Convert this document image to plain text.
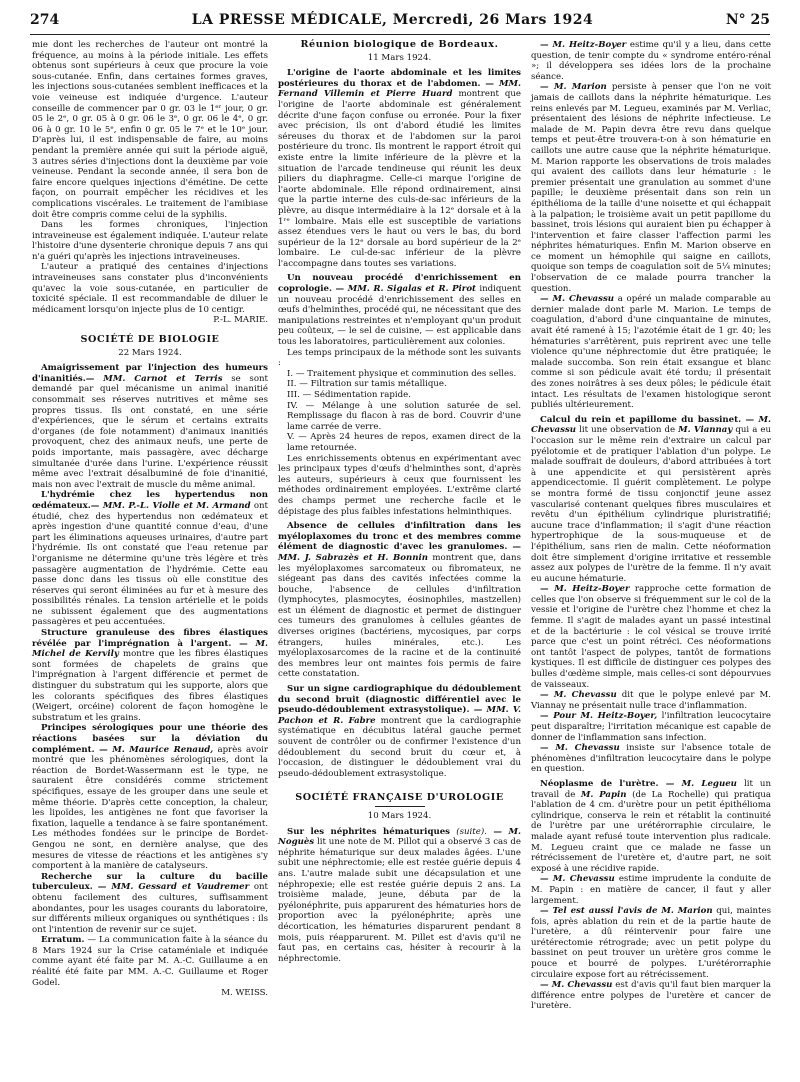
274	LA PRESSE MÉDICALE, Mercredi, 26 Mars 1924	N° 25

mie dont les recherches de l'auteur ont montré la fréquence, au moins à la période initiale. Les effets obtenus sont supérieurs à ceux que procure la voie sous-cutanée. Enfin, dans certaines formes graves, les injections sous-cutanées semblent inefficaces et la voie veineuse est indiquée d'urgence. L'auteur conseille de commencer par 0 gr. 03 le 1ᵉʳ jour, 0 gr. 05 le 2ᵉ, 0 gr. 05 à 0 gr. 06 le 3ᵉ, 0 gr. 06 le 4ᵉ, 0 gr. 06 à 0 gr. 10 le 5ᵉ, enfin 0 gr. 05 le 7ᵉ et le 10ᵉ jour. D'après lui, il est indispensable de faire, au moins pendant la première année qui suit la période aiguë, 3 autres séries d'injections dont la deuxième par voie veineuse. Pendant la seconde année, il sera bon de faire encore quelques injections d'émétine. De cette façon, on pourrait empêcher les récidives et les complications viscérales. Le traitement de l'amibiase doit être compris comme celui de la syphilis.

Dans les formes chroniques, l'injection intraveineuse est également indiquée. L'auteur relate l'histoire d'une dysenterie chronique depuis 7 ans qui n'a guéri qu'après les injections intraveineuses.

L'auteur a pratiqué des centaines d'injections intraveineuses sans constater plus d'inconvénients qu'avec la voie sous-cutanée, en particulier de toxicité spéciale. Il est recommandable de diluer le médicament lorsqu'on injecte plus de 10 centigr.

P.-L. MARIE.

SOCIÉTÉ DE BIOLOGIE
22 Mars 1924.

Amaigrissement par l'injection des humeurs d'inanitiés.— MM. Carnot et Terris se sont demandé par quel mécanisme un animal inanitié consommait ses réserves nutritives et même ses propres tissus. Ils ont constaté, en une série d'expériences, que le sérum et certains extraits d'organes (de foie notamment) d'animaux inanitiés provoquent, chez des animaux neufs, une perte de poids importante, mais passagère, avec décharge simultanée d'urée dans l'urine. L'expérience réussit même avec l'extrait désalbuminé de foie d'inanitié, mais non avec l'extrait de muscle du même animal.

L'hydrémie chez les hypertendus non œdémateux.— MM. P.-L. Violle et M. Armand ont étudié, chez des hypertendus non œdémateux et après ingestion d'une quantité connue d'eau, d'une part les éliminations aqueuses urinaires, d'autre part l'hydrémie. Ils ont constaté que l'eau retenue par l'organisme ne détermine qu'une très légère et très passagère augmentation de l'hydrémie. Cette eau passe donc dans les tissus où elle constitue des réserves qui seront éliminées au fur et à mesure des possibilités rénales. La tension artérielle et le poids ne subissent également que des augmentations passagères et peu accentuées.

Structure granuleuse des fibres élastiques révélée par l'imprégnation à l'argent. — M. Michel de Kervily montre que les fibres élastiques sont formées de chapelets de grains que l'imprégnation à l'argent différencie et permet de distinguer du substratum qui les supporte, alors que les colorants spécifiques des fibres élastiques (Weigert, orcéine) colorent de façon homogène le substratum et les grains.

Principes sérologiques pour une théorie des réactions basées sur la déviation du complément. — M. Maurice Renaud, après avoir montré que les phénomènes sérologiques, dont la réaction de Bordet-Wassermann est le type, ne sauraient être considérés comme strictement spécifiques, essaye de les grouper dans une seule et même théorie. D'après cette conception, la chaleur, les lipoïdes, les antigènes ne font que favoriser la fixation, laquelle a tendance à se faire spontanément. Les méthodes fondées sur le principe de Bordet-Gengou ne sont, en dernière analyse, que des mesures de vitesse de réactions et les antigènes s'y comportent à la manière de catalyseurs.

Recherche sur la culture du bacille tuberculeux. — MM. Gessard et Vaudremer ont obtenu facilement des cultures, suffisamment abondantes, pour les usages courants du laboratoire, sur différents milieux organiques ou synthétiques : ils ont l'intention de revenir sur ce sujet.

Erratum. — La communication faite à la séance du 8 Mars 1924 sur la Crise cataméniale et indiquée comme ayant été faite par M. A.-C. Guillaume a en réalité été faite par MM. A.-C. Guillaume et Roger Godel.

M. WEISS.

Réunion biologique de Bordeaux.
11 Mars 1924.

L'origine de l'aorte abdominale et les limites postérieures du thorax et de l'abdomen. — MM. Fernand Villemin et Pierre Huard montrent que l'origine de l'aorte abdominale est généralement décrite d'une façon confuse ou erronée. Pour la fixer avec précision, ils ont d'abord étudié les limites séreuses du thorax et de l'abdomen sur la paroi postérieure du tronc. Ils montrent le rapport étroit qui existe entre la limite inférieure de la plèvre et la situation de l'arcade tendineuse qui réunit les deux piliers du diaphragme. Celle-ci marque l'origine de l'aorte abdominale. Elle répond ordinairement, ainsi que la partie interne des culs-de-sac inférieurs de la plèvre, au disque intermédiaire à la 12ᵉ dorsale et à la 1ʳᵉ lombaire. Mais elle est susceptible de variations assez étendues vers le haut ou vers le bas, du bord supérieur de la 12ᵉ dorsale au bord supérieur de la 2ᵉ lombaire. Le cul-de-sac inférieur de la plèvre l'accompagne dans toutes ses variations.

Un nouveau procédé d'enrichissement en coprologie. — MM. R. Sigalas et R. Pirot indiquent un nouveau procédé d'enrichissement des selles en œufs d'helminthes, procédé qui, ne nécessitant que des manipulations restreintes et n'employant qu'un produit peu coûteux, — le sel de cuisine, — est applicable dans tous les laboratoires, particulièrement aux colonies.

Les temps principaux de la méthode sont les suivants :

I. — Traitement physique et comminution des selles.

II. — Filtration sur tamis métallique.

III. — Sédimentation rapide.

IV. — Mélange à une solution saturée de sel. Remplissage du flacon à ras de bord. Couvrir d'une lame carrée de verre.

V. — Après 24 heures de repos, examen direct de la lame retournée.

Les enrichissements obtenus en expérimentant avec les principaux types d'œufs d'helminthes sont, d'après les auteurs, supérieurs à ceux que fournissent les méthodes ordinairement employées. L'extrême clarté des champs permet une recherche facile et le dépistage des plus faibles infestations helminthiques.

Absence de cellules d'infiltration dans les myéloplaxomes du tronc et des membres comme élément de diagnostic d'avec les granulomes. — MM. J. Sabrazès et H. Bonnin montrent que, dans les myéloplaxomes sarcomateux ou fibromateux, ne siégeant pas dans des cavités infectées comme la bouche, l'absence de cellules d'infiltration (lymphocytes, plasmocytes, éosinophiles, mastzellen) est un élément de diagnostic et permet de distinguer ces tumeurs des granulomes à cellules géantes de diverses origines (bactériens, mycosiques, par corps étrangers, huiles minérales, etc.). Les myéloplaxosarcomes de la racine et de la continuité des membres leur ont maintes fois permis de faire cette constatation.

Sur un signe cardiographique du dédoublement du second bruit (diagnostic différentiel avec le pseudo-dédoublement extrasystolique). — MM. V. Pachon et R. Fabre montrent que la cardiographie systématique en décubitus latéral gauche permet souvent de contrôler ou de confirmer l'existence d'un dédoublement du second bruit du cœur et, à l'occasion, de distinguer le dédoublement vrai du pseudo-dédoublement extrasystolique.

SOCIÉTÉ FRANÇAISE D'UROLOGIE
10 Mars 1924.

Sur les néphrites hématuriques (suite). — M. Noguès lit une note de M. Pillot qui a observé 3 cas de néphrite hématurique sur deux malades âgées. L'une subit une néphrectomie; elle est restée guérie depuis 4 ans. L'autre malade subit une décapsulation et une néphropexie; elle est restée guérie depuis 2 ans. La troisième malade, jeune, débuta par de la pyélonéphrite, puis apparurent des hématuries hors de proportion avec la pyélonéphrite; après une décortication, les hématuries disparurent pendant 8 mois, puis réapparurent. M. Pillet est d'avis qu'il ne faut pas, en certains cas, hésiter à recourir à la néphrectomie.

— M. Heitz-Boyer estime qu'il y a lieu, dans cette question, de tenir compte du « syndrome entéro-rénal »; il développera ses idées lors de la prochaine séance.

— M. Marion persiste à penser que l'on ne voit jamais de caillots dans la néphrite hématurique. Les reins enlevés par M. Legueu, examinés par M. Verliac, présentaient des lésions de néphrite infectieuse. Le malade de M. Papin devra être revu dans quelque temps et peut-être trouvera-t-on à son hématurie en caillots une autre cause que la néphrite hématurique. M. Marion rapporte les observations de trois malades qui avaient des caillots dans leur hématurie : le premier présentait une granulation au sommet d'une papille; le deuxième présentait dans son rein un épithélioma de la taille d'une noisette et qui échappait à la palpation; le troisième avait un petit papillome du bassinet, trois lésions qui auraient bien pu échapper à l'intervention et faire classer l'affection parmi les néphrites hématuriques. Enfin M. Marion observe en ce moment un hémophile qui saigne en caillots, quoique son temps de coagulation soit de 5¼ minutes; l'observation de ce malade pourra trancher la question.

— M. Chevassu a opéré un malade comparable au dernier malade dont parle M. Marion. Le temps de coagulation, d'abord d'une cinquantaine de minutes, avait été ramené à 15; l'azotémie était de 1 gr. 40; les hématuries s'arrêtèrent, puis reprirent avec une telle violence qu'une néphrectomie dut être pratiquée; le malade succomba. Son rein était exsangue et blanc comme si son pédicule avait été tordu; il présentait des zones noirâtres à ses deux pôles; le pédicule était intact. Les résultats de l'examen histologique seront publiés ultérieurement.

Calcul du rein et papillome du bassinet. — M. Chevassu lit une observation de M. Viannay qui a eu l'occasion sur le même rein d'extraire un calcul par pyélotomie et de pratiquer l'ablation d'un polype. Le malade souffrait de douleurs, d'abord attribuées à tort à une appendicite et qui persistèrent après appendicectomie. Il guérit complètement. Le polype se montra formé de tissu conjonctif jeune assez vascularisé contenant quelques fibres musculaires et revêtu d'un épithélium cylindrique pluristratifié; aucune trace d'inflammation; il s'agit d'une réaction hypertrophique de la sous-muqueuse et de l'épithélium, sans rien de malin. Cette néoformation doit être simplement d'origine irritative et ressemble assez aux polypes de l'urètre de la femme. Il n'y avait eu aucune hématurie.

— M. Heitz-Boyer rapproche cette formation de celles que l'on observe si fréquemment sur le col de la vessie et l'origine de l'urètre chez l'homme et chez la femme. Il s'agit de malades ayant un passé intestinal et de la bactériurie : le col vésical se trouve irrité parce que c'est un point rétréci. Ces néoformations ont tantôt l'aspect de polypes, tantôt de formations kystiques. Il est difficile de distinguer ces polypes des bulles d'œdème simple, mais celles-ci sont dépourvues de vaisseaux.

— M. Chevassu dit que le polype enlevé par M. Viannay ne présentait nulle trace d'inflammation.

— Pour M. Heitz-Boyer, l'infiltration leucocytaire peut disparaître; l'irritation mécanique est capable de donner de l'inflammation sans infection.

— M. Chevassu insiste sur l'absence totale de phénomènes d'infiltration leucocytaire dans le polype en question.

Néoplasme de l'urètre. — M. Legueu lit un travail de M. Papin (de La Rochelle) qui pratiqua l'ablation de 4 cm. d'urètre pour un petit épithélioma cylindrique, conserva le rein et rétablit la continuité de l'urètre par une urétérorraphie circulaire, le malade ayant refusé toute intervention plus radicale. M. Legueu craint que ce malade ne fasse un rétrécissement de l'uretère et, d'autre part, ne soit exposé à une récidive rapide.

— M. Chevassu estime imprudente la conduite de M. Papin : en matière de cancer, il faut y aller largement.

— Tel est aussi l'avis de M. Marion qui, maintes fois, après ablation du rein et de la partie haute de l'uretère, a dû réintervenir pour faire une urétérectomie rétrograde; avec un petit polype du bassinet on peut trouver un urètère gros comme le pouce et bourré de polypes. L'urétérorraphie circulaire expose fort au rétrécissement.

— M. Chevassu est d'avis qu'il faut bien marquer la différence entre polypes de l'uretère et cancer de l'uretère.
